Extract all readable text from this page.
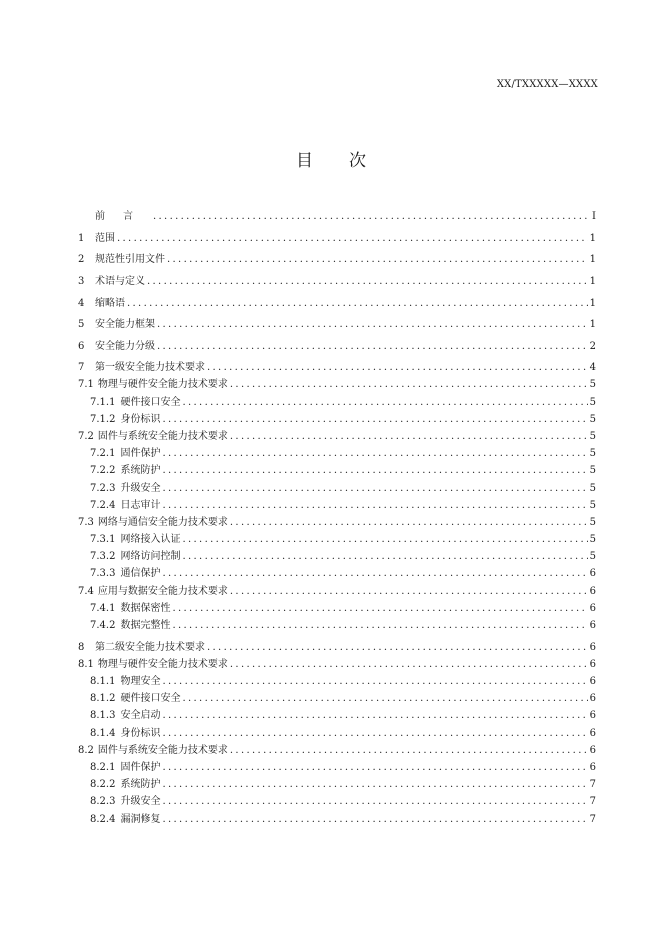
XX/TXXXXX—XXXX
目 次
前言 .....	I
1	范围 .....	1
2	规范性引用文件 .....	1
3	术语与定义 .....	1
4	缩略语 .....	1
5	安全能力框架 .....	1
6	安全能力分级 .....	2
7	第一级安全能力技术要求 .....	4
7.1 物理与硬件安全能力技术要求 .....	5
7.1.1 硬件接口安全 .....	5
7.1.2 身份标识 .....	5
7.2 固件与系统安全能力技术要求 .....	5
7.2.1 固件保护 .....	5
7.2.2 系统防护 .....	5
7.2.3 升级安全 .....	5
7.2.4 日志审计 .....	5
7.3 网络与通信安全能力技术要求 .....	5
7.3.1 网络接入认证 .....	5
7.3.2 网络访问控制 .....	5
7.3.3 通信保护 .....	6
7.4 应用与数据安全能力技术要求 .....	6
7.4.1 数据保密性 .....	6
7.4.2 数据完整性 .....	6
8	第二级安全能力技术要求 .....	6
8.1 物理与硬件安全能力技术要求 .....	6
8.1.1 物理安全 .....	6
8.1.2 硬件接口安全 .....	6
8.1.3 安全启动 .....	6
8.1.4 身份标识 .....	6
8.2 固件与系统安全能力技术要求 .....	6
8.2.1 固件保护 .....	6
8.2.2 系统防护 .....	7
8.2.3 升级安全 .....	7
8.2.4 漏洞修复 .....	7
